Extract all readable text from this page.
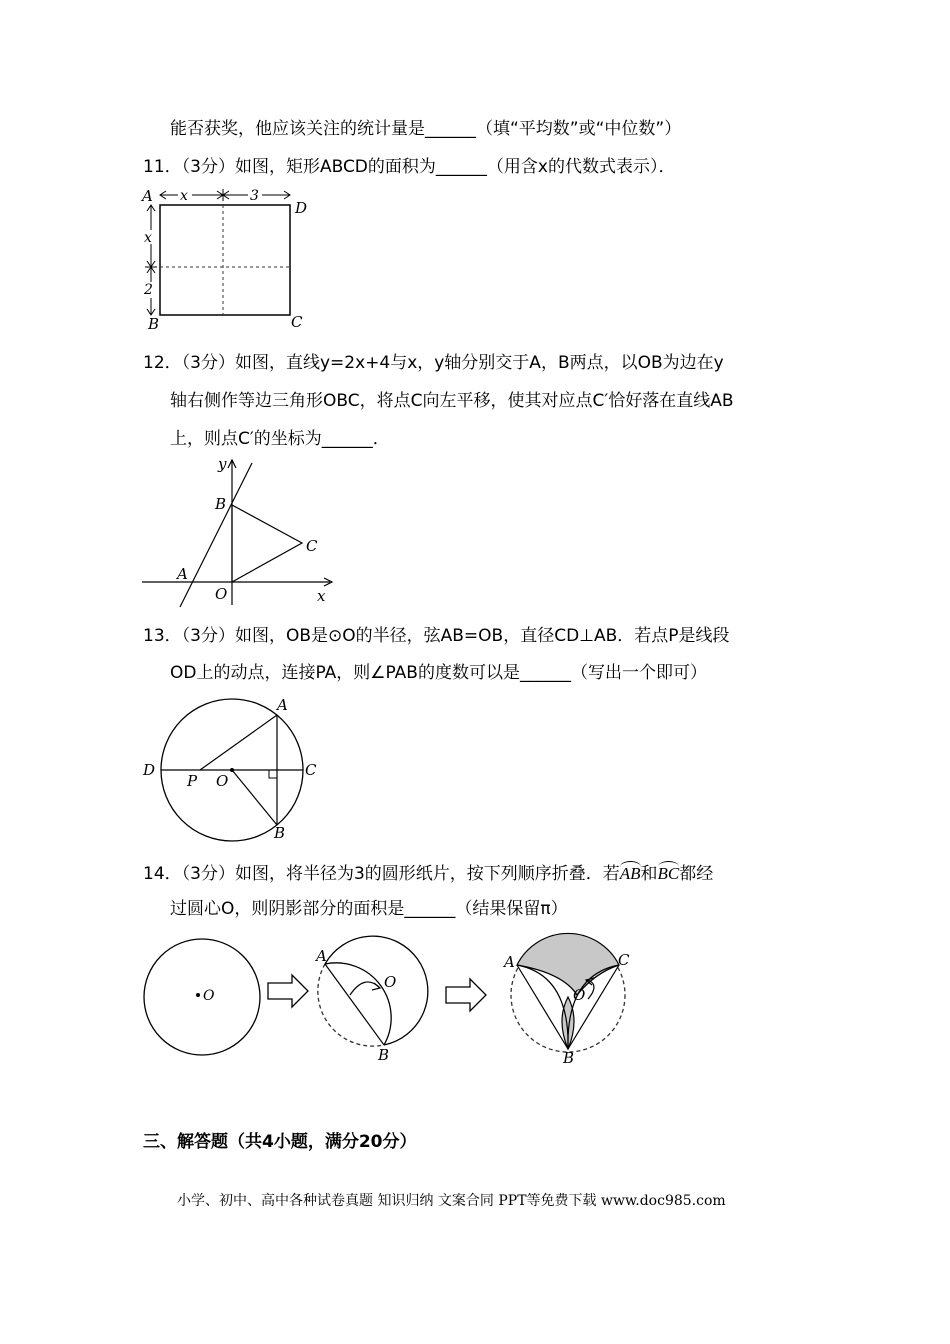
能否获奖，他应该关注的统计量是______（填“平均数”或“中位数”）
11．（3分）如图，矩形ABCD的面积为______（用含x的代数式表示）．
x	3
x
2
A
D
B	C
12．（3分）如图，直线y=2x+4与x，y轴分别交于A，B两点，以OB为边在y
轴右侧作等边三角形OBC，将点C向左平移，使其对应点C′恰好落在直线AB
上，则点C′的坐标为______．
y
B
C
A
O	x
13．（3分）如图，OB是⊙O的半径，弦AB=OB，直径CD⊥AB．若点P是线段
OD上的动点，连接PA，则∠PAB的度数可以是______（写出一个即可）
A
B
C
D
P O
14．（3分）如图，将半径为3的圆形纸片，按下列顺序折叠．若AB和BC都经
过圆心O，则阴影部分的面积是______（结果保留π）
O
A
O
B
A	C
O
B
三、解答题（共4小题，满分20分）
小学、初中、高中各种试卷真题 知识归纳 文案合同 PPT等免费下载 www.doc985.com
